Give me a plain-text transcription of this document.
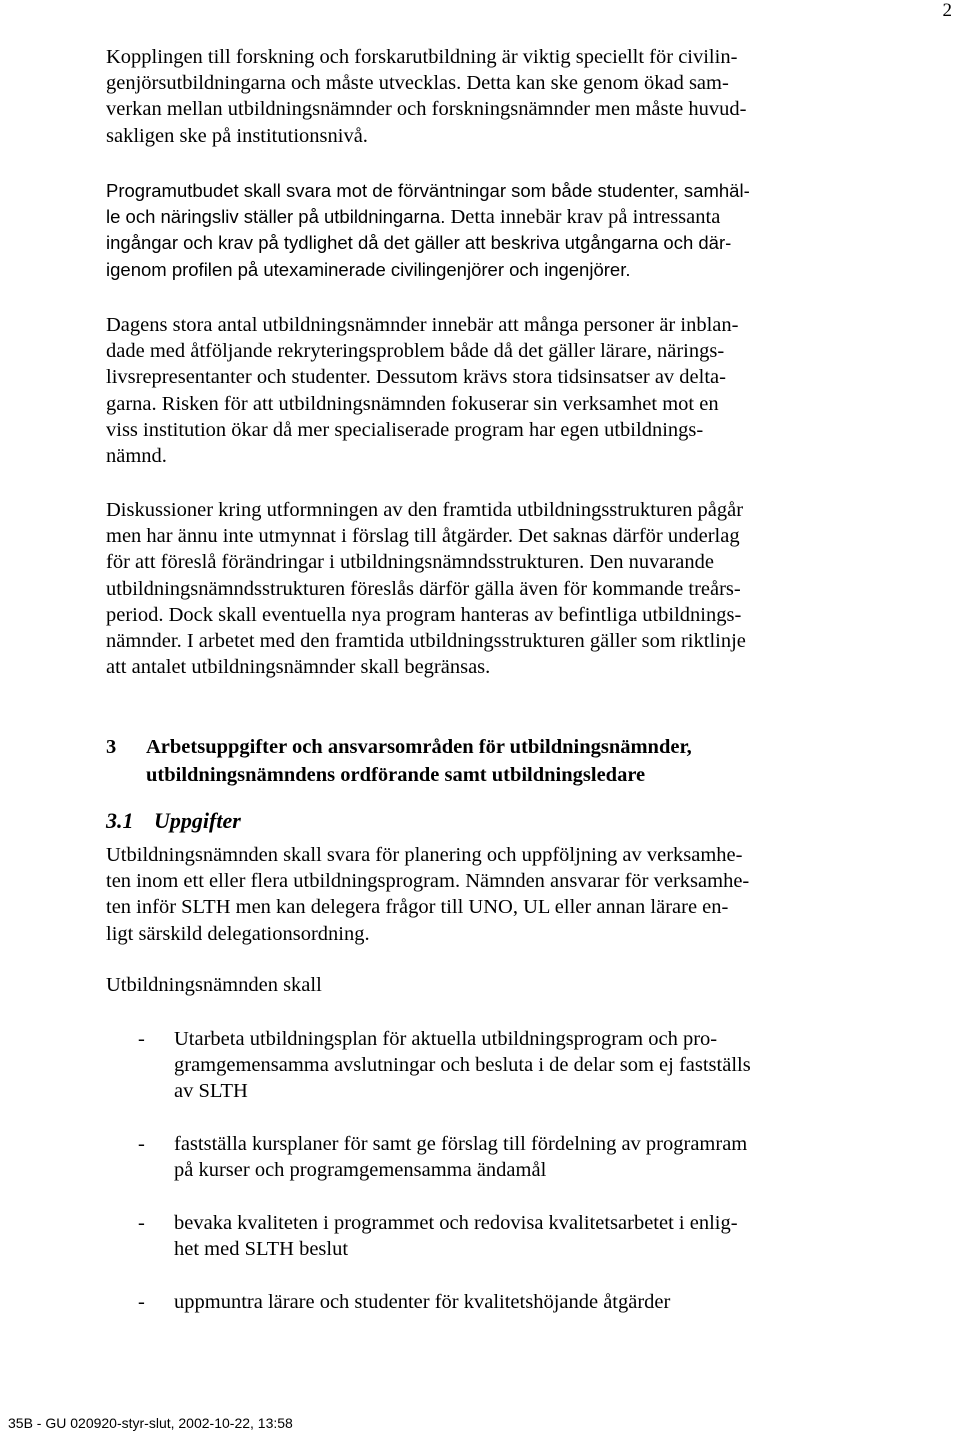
2
Kopplingen till forskning och forskarutbildning är viktig speciellt för civilin-
genjörsutbildningarna och måste utvecklas. Detta kan ske genom ökad sam-
verkan mellan utbildningsnämnder och forskningsnämnder men måste huvud-
sakligen ske på institutionsnivå.
Programutbudet skall svara mot de förväntningar som både studenter, samhäl-
le och näringsliv ställer på utbildningarna. Detta innebär krav på intressanta
ingångar och krav på tydlighet då det gäller att beskriva utgångarna och där-
igenom profilen på utexaminerade civilingenjörer och ingenjörer.
Dagens stora antal utbildningsnämnder innebär att många personer är inblan-
dade med åtföljande rekryteringsproblem både då det gäller lärare, närings-
livsrepresentanter och studenter. Dessutom krävs stora tidsinsatser av delta-
garna. Risken för att utbildningsnämnden fokuserar sin verksamhet mot en
viss institution ökar då mer specialiserade program har egen utbildnings-
nämnd.
Diskussioner kring utformningen av den framtida utbildningsstrukturen pågår
men har ännu inte utmynnat i förslag till åtgärder. Det saknas därför underlag
för att föreslå förändringar i utbildningsnämndsstrukturen. Den nuvarande
utbildningsnämndsstrukturen föreslås därför gälla även för kommande treårs-
period. Dock skall eventuella nya program hanteras av befintliga utbildnings-
nämnder. I arbetet med den framtida utbildningsstrukturen gäller som riktlinje
att antalet utbildningsnämnder skall begränsas.
3 Arbetsuppgifter och ansvarsområden för utbildningsnämnder,
utbildningsnämndens ordförande samt utbildningsledare
3.1 Uppgifter
Utbildningsnämnden skall svara för planering och uppföljning av verksamhe-
ten inom ett eller flera utbildningsprogram. Nämnden ansvarar för verksamhe-
ten inför SLTH men kan delegera frågor till UNO, UL eller annan lärare en-
ligt särskild delegationsordning.
Utbildningsnämnden skall
- Utarbeta utbildningsplan för aktuella utbildningsprogram och pro-
gramgemensamma avslutningar och besluta i de delar som ej fastställs
av SLTH
- fastställa kursplaner för samt ge förslag till fördelning av programram
på kurser och programgemensamma ändamål
- bevaka kvaliteten i programmet och redovisa kvalitetsarbetet i enlig-
het med SLTH beslut
- uppmuntra lärare och studenter för kvalitetshöjande åtgärder
35B - GU 020920-styr-slut, 2002-10-22, 13:58
